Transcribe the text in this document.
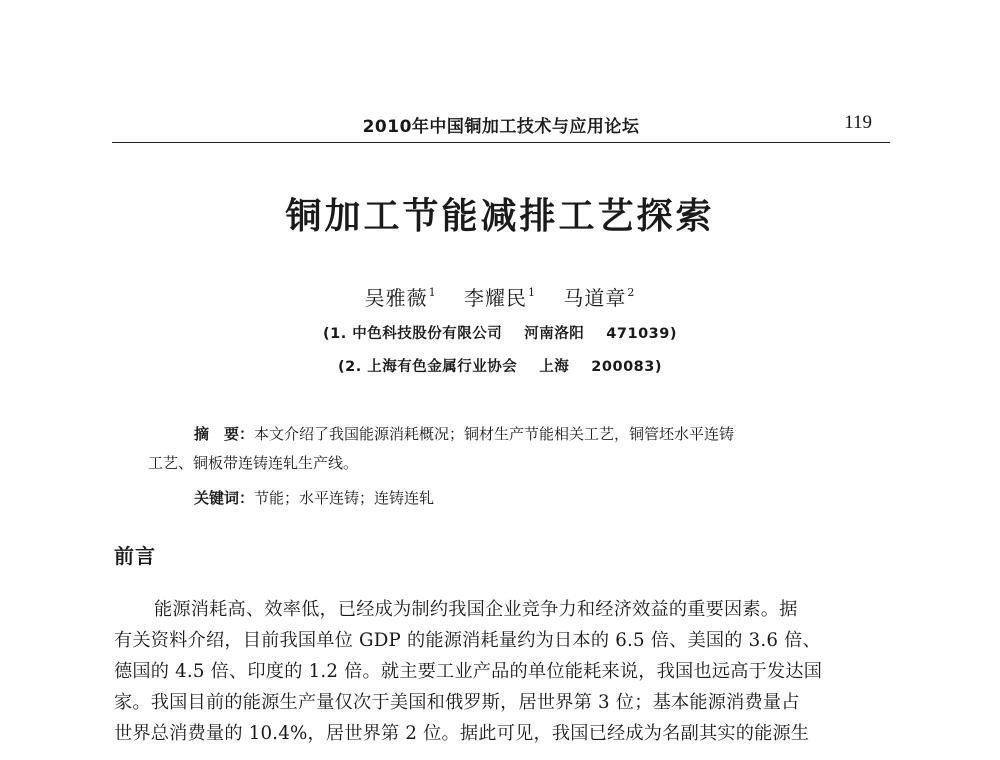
2010年中国铜加工技术与应用论坛	119
铜加工节能减排工艺探索
吴雅薇$^1$ 李耀民$^1$ 马道章$^2$
(1. 中色科技股份有限公司 河南洛阳 471039)
(2. 上海有色金属行业协会 上海 200083)
摘　要：本文介绍了我国能源消耗概况；铜材生产节能相关工艺，铜管坯水平连铸
工艺、铜板带连铸连轧生产线。
关键词：节能；水平连铸；连铸连轧
前言
能源消耗高、效率低，已经成为制约我国企业竞争力和经济效益的重要因素。据
有关资料介绍，目前我国单位 GDP 的能源消耗量约为日本的 6.5 倍、美国的 3.6 倍、
德国的 4.5 倍、印度的 1.2 倍。就主要工业产品的单位能耗来说，我国也远高于发达国
家。我国目前的能源生产量仅次于美国和俄罗斯，居世界第 3 位；基本能源消费量占
世界总消费量的 10.4%，居世界第 2 位。据此可见，我国已经成为名副其实的能源生
